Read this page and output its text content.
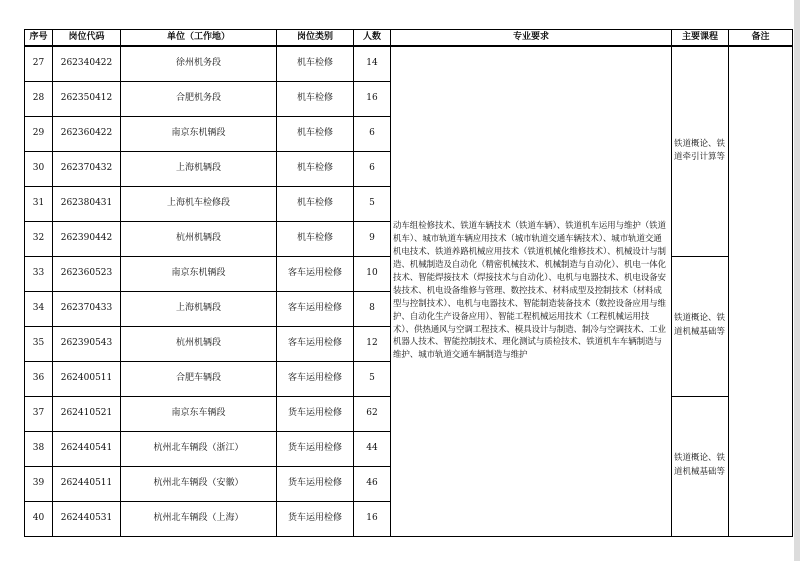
序号	岗位代码	单位（工作地）	岗位类别	人数	专业要求	主要课程	备注
27	262340422	徐州机务段	机车检修	14	动车组检修技术、铁道车辆技术（铁道车辆）、铁道机车运用与维护（铁道机车）、城市轨道车辆应用技术（城市轨道交通车辆技术）、城市轨道交通机电技术、铁道养路机械应用技术（铁道机械化维修技术）、机械设计与制造、机械制造及自动化（精密机械技术、机械制造与自动化）、机电一体化技术、智能焊接技术（焊接技术与自动化）、电机与电器技术、机电设备安装技术、机电设备维修与管理、数控技术、材料成型及控制技术（材料成型与控制技术）、电机与电器技术、智能制造装备技术（数控设备应用与维护、自动化生产设备应用）、智能工程机械运用技术（工程机械运用技术）、供热通风与空调工程技术、模具设计与制造、制冷与空调技术、工业机器人技术、智能控制技术、理化测试与质检技术、铁道机车车辆制造与维护、城市轨道交通车辆制造与维护	铁道概论、铁道牵引计算等	
28	262350412	合肥机务段	机车检修	16			
29	262360422	南京东机辆段	机车检修	6			
30	262370432	上海机辆段	机车检修	6			
31	262380431	上海机车检修段	机车检修	5			
32	262390442	杭州机辆段	机车检修	9			
33	262360523	南京东机辆段	客车运用检修	10		铁道概论、铁道机械基础等	
34	262370433	上海机辆段	客车运用检修	8			
35	262390543	杭州机辆段	客车运用检修	12			
36	262400511	合肥车辆段	客车运用检修	5			
37	262410521	南京东车辆段	货车运用检修	62		铁道概论、铁道机械基础等	
38	262440541	杭州北车辆段（浙江）	货车运用检修	44			
39	262440511	杭州北车辆段（安徽）	货车运用检修	46			
40	262440531	杭州北车辆段（上海）	货车运用检修	16			
